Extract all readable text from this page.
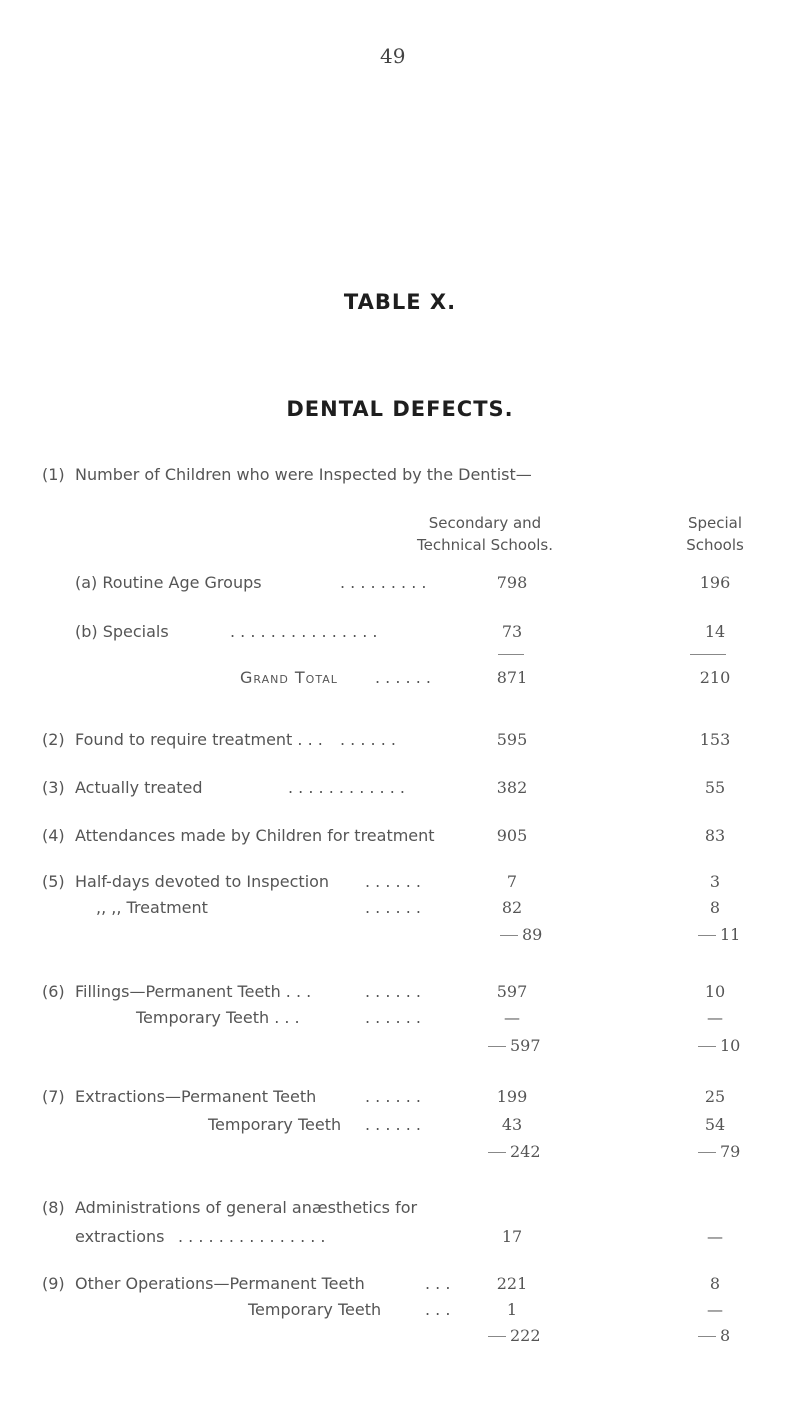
49
TABLE X.
DENTAL DEFECTS.
(1) Number of Children who were Inspected by the Dentist—
Secondary and
Technical Schools.
Special
Schools
(a) Routine Age Groups	. . . . . . . . .	798	196
(b) Specials	. . . . . . . . . . . . . . .	73	14
Grand Total . . . . . .	871	210
(2) Found to require treatment . . . . . . . . .	595	153
(3) Actually treated	. . . . . . . . . . . .	382	55
(4) Attendances made by Children for treatment	905	83
(5) Half-days devoted to Inspection . . . . . .	7	3
,, ,, Treatment	. . . . . .	82	8
89	11
(6) Fillings—Permanent Teeth . . .	. . . . . .	597	10
Temporary Teeth . . .	. . . . . .	—	—
597	10
(7) Extractions—Permanent Teeth	. . . . . .	199	25
Temporary Teeth . . . . . .	43	54
242	79
(8) Administrations of general anæsthetics for
extractions . . . . . . . . . . . . . . .	17	—
(9) Other Operations—Permanent Teeth	. . .	221	8
Temporary Teeth	. . .	1	—
222	8
